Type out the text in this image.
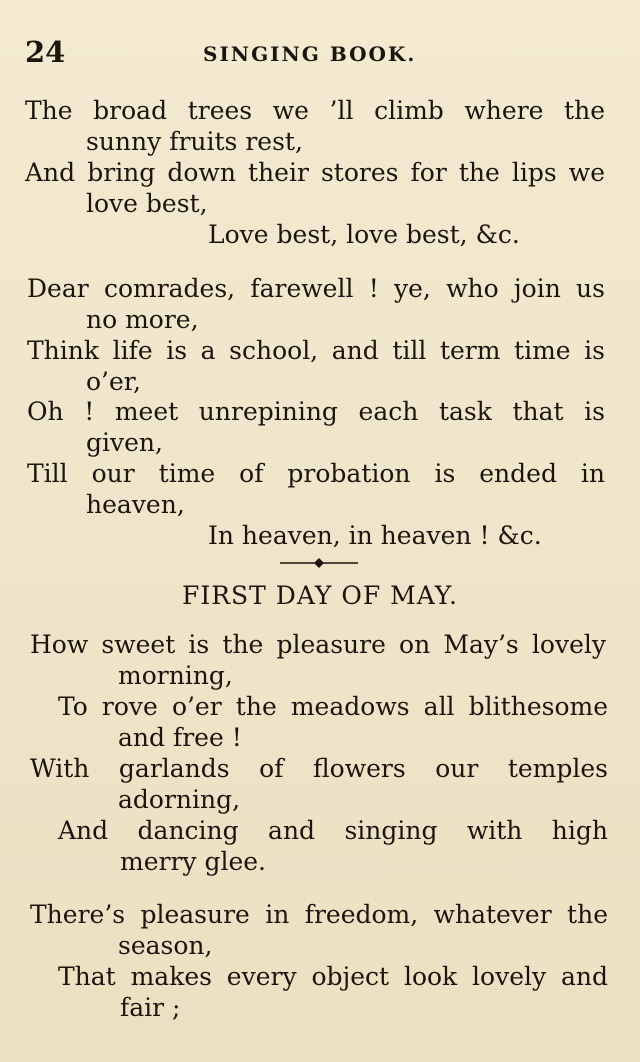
24	SINGING BOOK.
The broad trees we ’ll climb where the
sunny fruits rest,
And bring down their stores for the lips we
love best,
Love best, love best, &c.
Dear comrades, farewell ! ye, who join us
no more,
Think life is a school, and till term time is
o’er,
Oh ! meet unrepining each task that is
given,
Till our time of probation is ended in
heaven,
In heaven, in heaven ! &c.
FIRST DAY OF MAY.
How sweet is the pleasure on May’s lovely
morning,
To rove o’er the meadows all blithesome
and free !
With garlands of flowers our temples
adorning,
And dancing and singing with high
merry glee.
There’s pleasure in freedom, whatever the
season,
That makes every object look lovely and
fair ;
